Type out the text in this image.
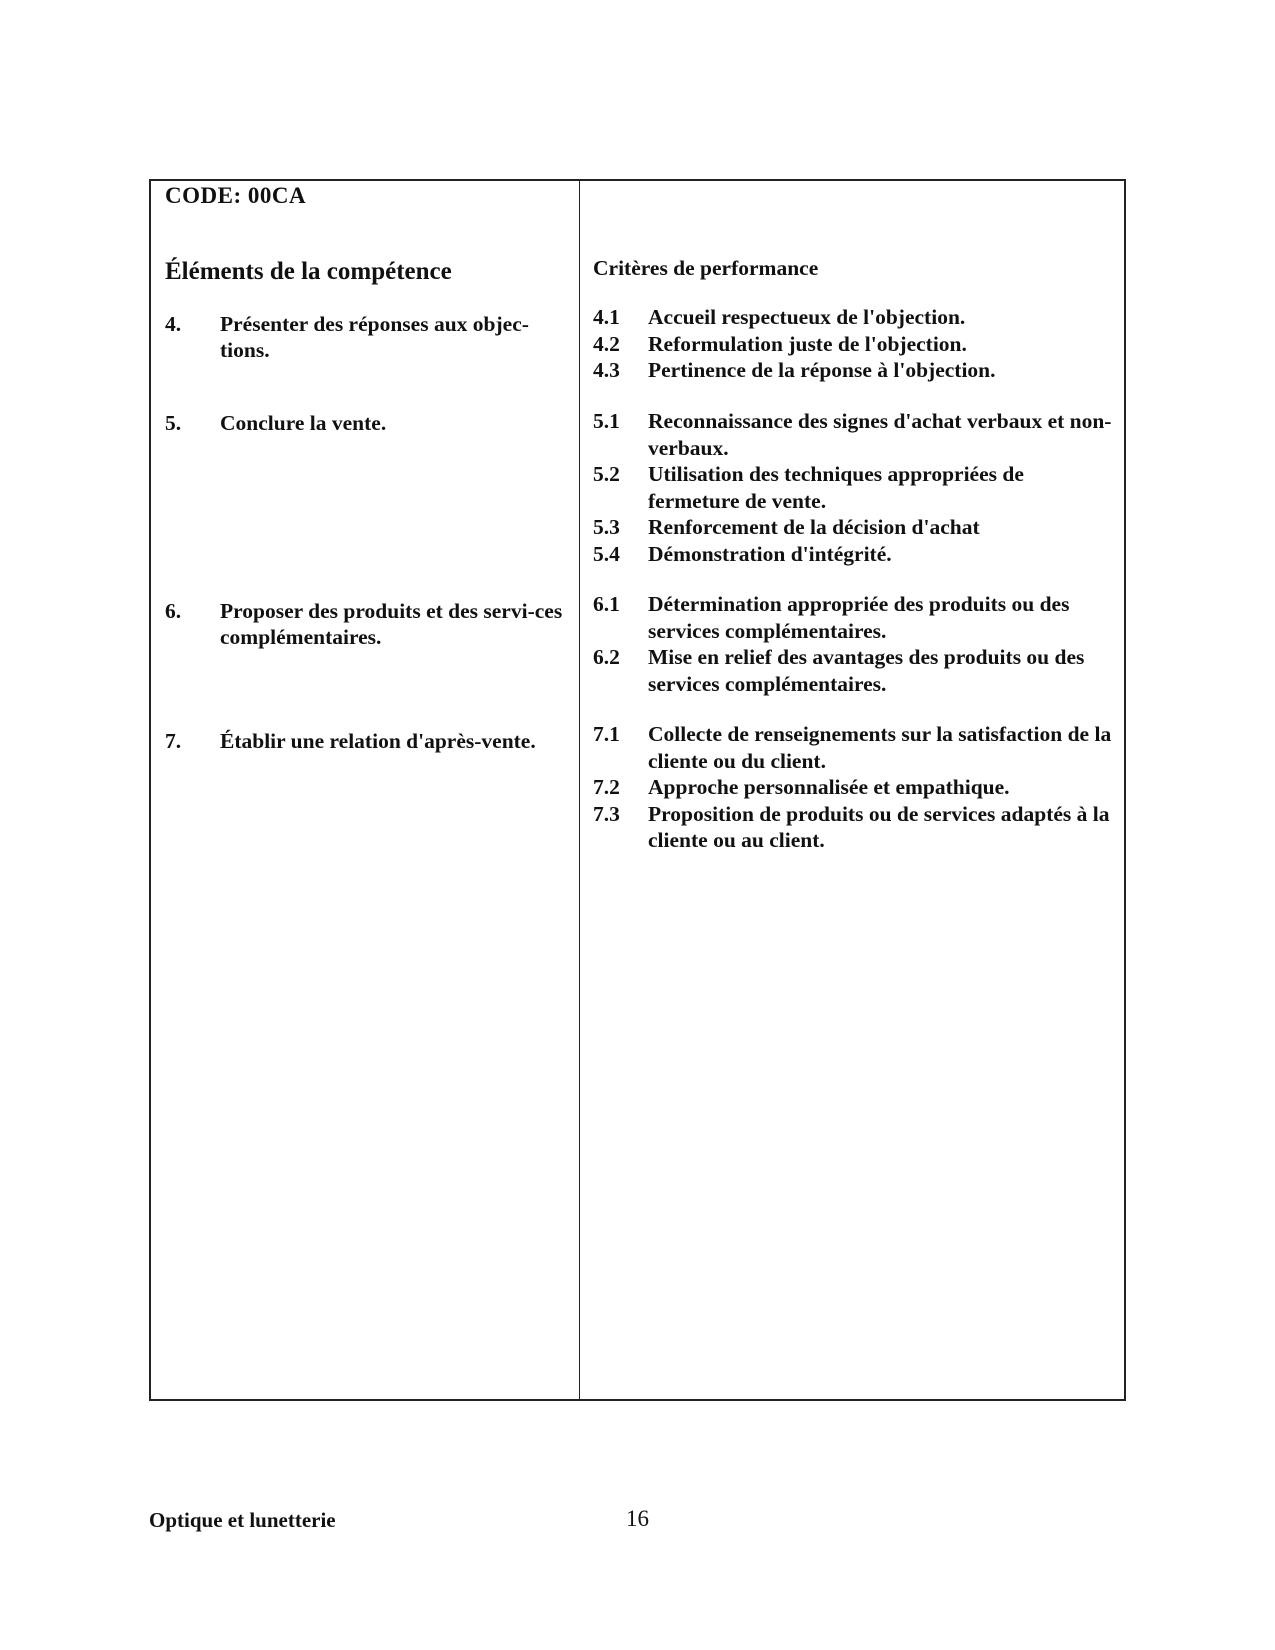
CODE: 00CA
Éléments de la compétence	Critères de performance
4. Présenter des réponses aux objec-tions.
5. Conclure la vente.
6. Proposer des produits et des servi-ces complémentaires.
7. Établir une relation d'après-vente.
4.1 Accueil respectueux de l'objection.
4.2 Reformulation juste de l'objection.
4.3 Pertinence de la réponse à l'objection.
5.1 Reconnaissance des signes d'achat verbaux et non-verbaux.
5.2 Utilisation des techniques appropriées de fermeture de vente.
5.3 Renforcement de la décision d'achat
5.4 Démonstration d'intégrité.
6.1 Détermination appropriée des produits ou des services complémentaires.
6.2 Mise en relief des avantages des produits ou des services complémentaires.
7.1 Collecte de renseignements sur la satisfaction de la cliente ou du client.
7.2 Approche personnalisée et empathique.
7.3 Proposition de produits ou de services adaptés à la cliente ou au client.
Optique et lunetterie	16
